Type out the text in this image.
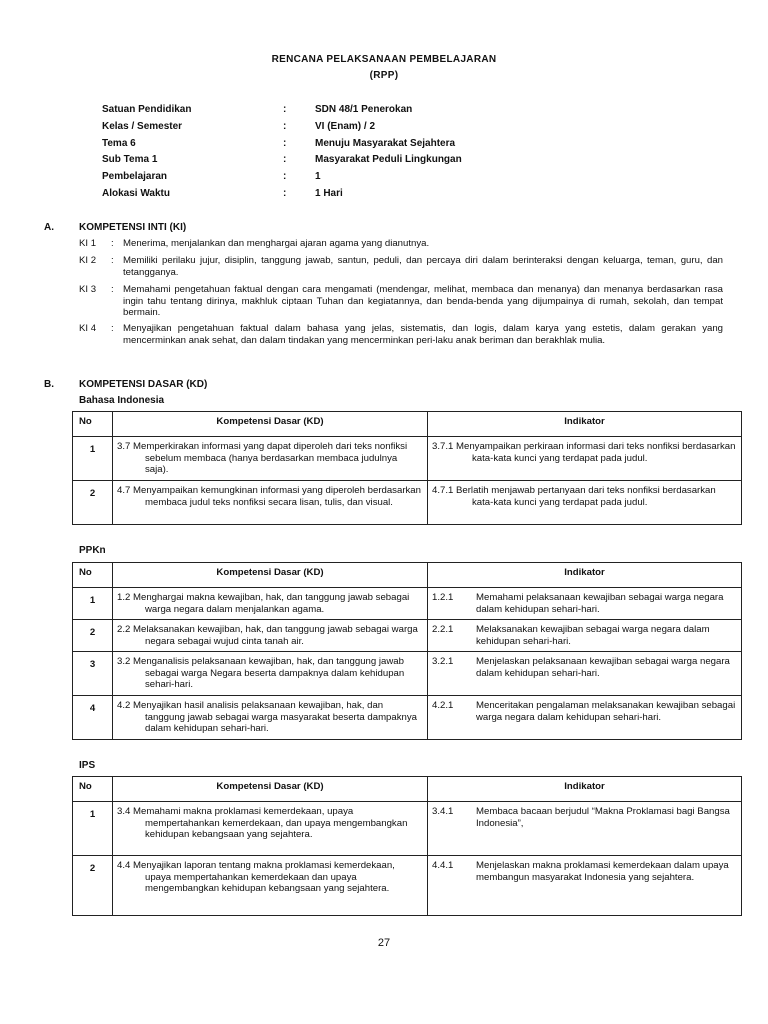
RENCANA PELAKSANAAN PEMBELAJARAN
(RPP)
Satuan Pendidikan	:	SDN 48/1 Penerokan
Kelas / Semester	:	VI (Enam) / 2
Tema 6	:	Menuju Masyarakat Sejahtera
Sub Tema 1	:	Masyarakat Peduli Lingkungan
Pembelajaran	:	1
Alokasi Waktu	:	1 Hari
A.	KOMPETENSI INTI (KI)
KI 1 : Menerima, menjalankan dan menghargai ajaran agama yang dianutnya.
KI 2 : Memiliki perilaku jujur, disiplin, tanggung jawab, santun, peduli, dan percaya diri dalam berinteraksi dengan keluarga, teman, guru, dan tetangganya.
KI 3 : Memahami pengetahuan faktual dengan cara mengamati (mendengar, melihat, membaca dan menanya) dan menanya berdasarkan rasa ingin tahu tentang dirinya, makhluk ciptaan Tuhan dan kegiatannya, dan benda-benda yang dijumpainya di rumah, sekolah, dan tempat bermain.
KI 4 : Menyajikan pengetahuan faktual dalam bahasa yang jelas, sistematis, dan logis, dalam karya yang estetis, dalam gerakan yang mencerminkan anak sehat, dan dalam tindakan yang mencerminkan peri-laku anak beriman dan berakhlak mulia.
B.	KOMPETENSI DASAR (KD)
Bahasa Indonesia
No	Kompetensi Dasar (KD)	Indikator
1	3.7 Memperkirakan informasi yang dapat diperoleh dari teks nonfiksi sebelum membaca (hanya berdasarkan membaca judulnya saja).	3.7.1 Menyampaikan perkiraan informasi dari teks nonfiksi berdasarkan kata-kata kunci yang terdapat pada judul.

2	4.7 Menyampaikan kemungkinan informasi yang diperoleh berdasarkan membaca judul teks nonfiksi secara lisan, tulis, dan visual.	4.7.1 Berlatih menjawab pertanyaan dari teks nonfiksi berdasarkan kata-kata kunci yang terdapat pada judul.
PPKn
No	Kompetensi Dasar (KD)	Indikator
1	1.2 Menghargai makna kewajiban, hak, dan tanggung jawab sebagai warga negara dalam menjalankan agama.	1.2.1 Memahami pelaksanaan kewajiban sebagai warga negara dalam kehidupan sehari-hari.

2	2.2 Melaksanakan kewajiban, hak, dan tanggung jawab sebagai warga negara sebagai wujud cinta tanah air.	2.2.1 Melaksanakan kewajiban sebagai warga negara dalam kehidupan sehari-hari.

3	3.2 Menganalisis pelaksanaan kewajiban, hak, dan tanggung jawab sebagai warga Negara beserta dampaknya dalam kehidupan sehari-hari.	3.2.1 Menjelaskan pelaksanaan kewajiban sebagai warga negara dalam kehidupan sehari-hari.

4	4.2 Menyajikan hasil analisis pelaksanaan kewajiban, hak, dan tanggung jawab sebagai warga masyarakat beserta dampaknya dalam kehidupan sehari-hari.	4.2.1 Menceritakan pengalaman melaksanakan kewajiban sebagai warga negara dalam kehidupan sehari-hari.
IPS
No	Kompetensi Dasar (KD)	Indikator
1	3.4 Memahami makna proklamasi kemerdekaan, upaya mempertahankan kemerdekaan, dan upaya mengembangkan kehidupan kebangsaan yang sejahtera.	3.4.1 Membaca bacaan berjudul “Makna Proklamasi bagi Bangsa Indonesia”,

2	4.4 Menyajikan laporan tentang makna proklamasi kemerdekaan, upaya mempertahankan kemerdekaan dan upaya mengembangkan kehidupan kebangsaan yang sejahtera.	4.4.1 Menjelaskan makna proklamasi kemerdekaan dalam upaya membangun masyarakat Indonesia yang sejahtera.
27
